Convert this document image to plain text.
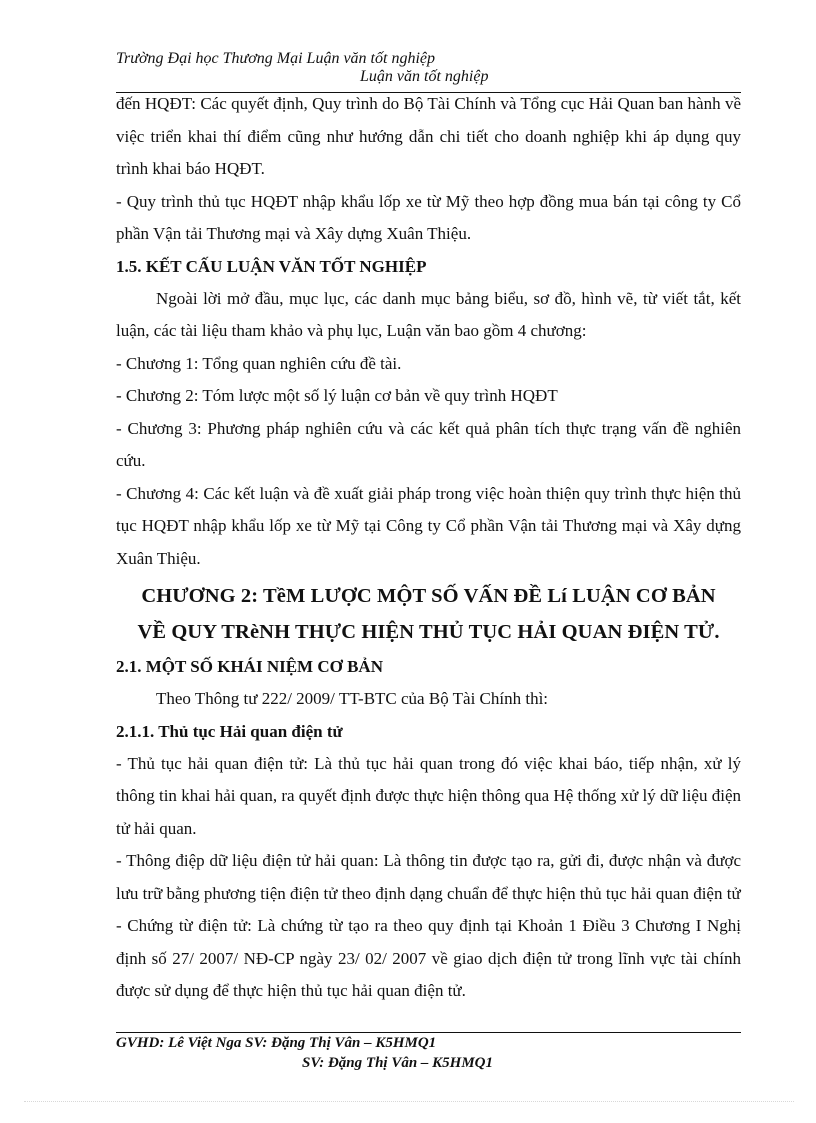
Trường Đại học Thương Mại Luận văn tốt nghiệp
Luận văn tốt nghiệp

đến HQĐT: Các quyết định, Quy trình do Bộ Tài Chính và Tổng cục Hải Quan ban hành về việc triển khai thí điểm cũng như hướng dẫn chi tiết cho doanh nghiệp khi áp dụng quy trình khai báo HQĐT.

- Quy trình thủ tục HQĐT nhập khẩu lốp xe từ Mỹ theo hợp đồng mua bán tại công ty Cổ phần Vận tải Thương mại và Xây dựng Xuân Thiệu.

1.5. KẾT CẤU LUẬN VĂN TỐT NGHIỆP

Ngoài lời mở đầu, mục lục, các danh mục bảng biểu, sơ đồ, hình vẽ, từ viết tắt, kết luận, các tài liệu tham khảo và phụ lục, Luận văn bao gồm 4 chương:

- Chương 1: Tổng quan nghiên cứu đề tài.

- Chương 2: Tóm lược một số lý luận cơ bản về quy trình HQĐT

- Chương 3: Phương pháp nghiên cứu và các kết quả phân tích thực trạng vấn đề nghiên cứu.

- Chương 4: Các kết luận và đề xuất giải pháp trong việc hoàn thiện quy trình thực hiện thủ tục HQĐT nhập khẩu lốp xe từ Mỹ tại Công ty Cổ phần Vận tải Thương mại và Xây dựng Xuân Thiệu.

CHƯƠNG 2: TềM LƯỢC MỘT SỐ VẤN ĐỀ Lí LUẬN CƠ BẢN
VỀ QUY TRèNH THỰC HIỆN THỦ TỤC HẢI QUAN ĐIỆN TỬ.

2.1. MỘT SỐ KHÁI NIỆM CƠ BẢN

Theo Thông tư 222/ 2009/ TT-BTC của Bộ Tài Chính thì:

2.1.1. Thủ tục Hải quan điện tử

- Thủ tục hải quan điện tử: Là thủ tục hải quan trong đó việc khai báo, tiếp nhận, xử lý thông tin khai hải quan, ra quyết định được thực hiện thông qua Hệ thống xử lý dữ liệu điện tử hải quan.

- Thông điệp dữ liệu điện tử hải quan: Là thông tin được tạo ra, gửi đi, được nhận và được lưu trữ bằng phương tiện điện tử theo định dạng chuẩn để thực hiện thủ tục hải quan điện tử

- Chứng từ điện tử: Là chứng từ tạo ra theo quy định tại Khoản 1 Điều 3 Chương I Nghị định số 27/ 2007/ NĐ-CP ngày 23/ 02/ 2007 về giao dịch điện tử trong lĩnh vực tài chính được sử dụng để thực hiện thủ tục hải quan điện tử.

GVHD: Lê Việt Nga SV: Đặng Thị Vân – K5HMQ1
SV: Đặng Thị Vân – K5HMQ1
